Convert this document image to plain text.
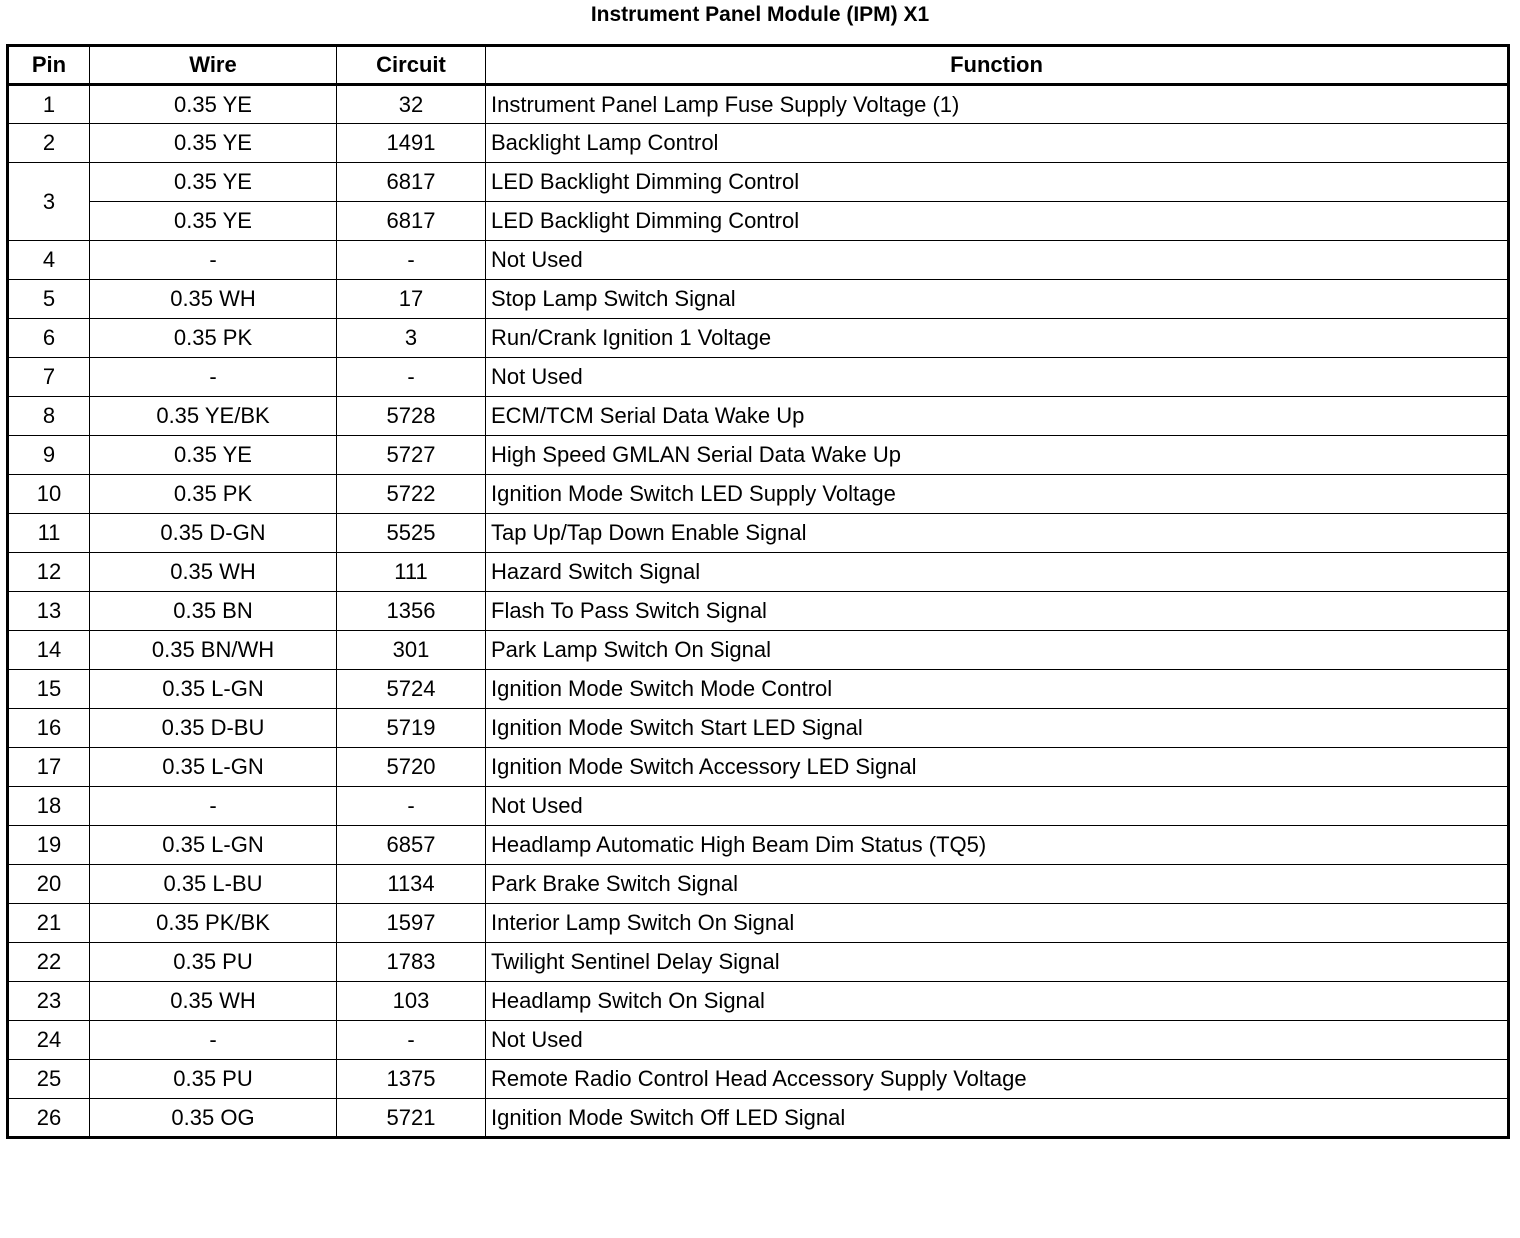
Instrument Panel Module (IPM) X1
Pin	Wire	Circuit	Function
1	0.35 YE	32	Instrument Panel Lamp Fuse Supply Voltage (1)
2	0.35 YE	1491	Backlight Lamp Control
3	0.35 YE	6817	LED Backlight Dimming Control
	0.35 YE	6817	LED Backlight Dimming Control
4	-	-	Not Used
5	0.35 WH	17	Stop Lamp Switch Signal
6	0.35 PK	3	Run/Crank Ignition 1 Voltage
7	-	-	Not Used
8	0.35 YE/BK	5728	ECM/TCM Serial Data Wake Up
9	0.35 YE	5727	High Speed GMLAN Serial Data Wake Up
10	0.35 PK	5722	Ignition Mode Switch LED Supply Voltage
11	0.35 D-GN	5525	Tap Up/Tap Down Enable Signal
12	0.35 WH	111	Hazard Switch Signal
13	0.35 BN	1356	Flash To Pass Switch Signal
14	0.35 BN/WH	301	Park Lamp Switch On Signal
15	0.35 L-GN	5724	Ignition Mode Switch Mode Control
16	0.35 D-BU	5719	Ignition Mode Switch Start LED Signal
17	0.35 L-GN	5720	Ignition Mode Switch Accessory LED Signal
18	-	-	Not Used
19	0.35 L-GN	6857	Headlamp Automatic High Beam Dim Status (TQ5)
20	0.35 L-BU	1134	Park Brake Switch Signal
21	0.35 PK/BK	1597	Interior Lamp Switch On Signal
22	0.35 PU	1783	Twilight Sentinel Delay Signal
23	0.35 WH	103	Headlamp Switch On Signal
24	-	-	Not Used
25	0.35 PU	1375	Remote Radio Control Head Accessory Supply Voltage
26	0.35 OG	5721	Ignition Mode Switch Off LED Signal
